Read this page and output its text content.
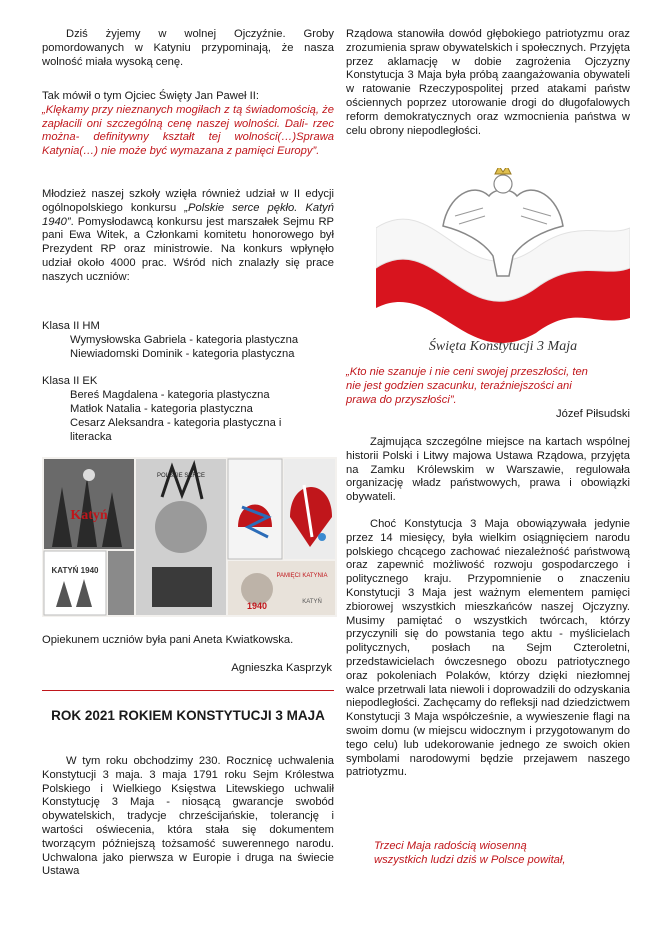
Dziś żyjemy w wolnej Ojczyźnie. Groby pomordowanych w Katyniu przypominają, że nasza wolność miała wysoką cenę.

Tak mówił o tym Ojciec Święty Jan Paweł II:

„Klękamy przy nieznanych mogiłach z tą świadomością, że zapłacili oni szczególną cenę naszej wolności. Dali- rzec można- definitywny kształt tej wolności(…)Sprawa Katynia(…) nie może być wymazana z pamięci Europy”.

Młodzież naszej szkoły wzięła również udział w II edycji ogólnopolskiego konkursu „Polskie serce pękło. Katyń 1940”. Pomysłodawcą konkursu jest marszałek Sejmu RP pani Ewa Witek, a Członkami komitetu honorowego był Prezydent RP oraz ministrowie. Na konkurs wpłynęło udział około 4000 prac. Wśród nich znalazły się prace naszych uczniów:

Klasa II HM

Wymysłowska Gabriela - kategoria plastyczna

Niewiadomski Dominik - kategoria plastyczna

Klasa II EK

Bereś Magdalena - kategoria plastyczna

Matłok Natalia - kategoria plastyczna

Cesarz Aleksandra - kategoria plastyczna i literacka

Katyń
KATYŃ 1940
POLSKIE SERCE
PAMIĘCI KATYNIA
1940	KATYŃ

Opiekunem uczniów była pani Aneta Kwiatkowska.

Agnieszka Kasprzyk

ROK 2021 ROKIEM KONSTYTUCJI 3 MAJA

W tym roku obchodzimy 230. Rocznicę uchwalenia Konstytucji 3 maja. 3 maja 1791 roku Sejm Królestwa Polskiego i Wielkiego Księstwa Litewskiego uchwalił Konstytucję 3 Maja - niosącą gwarancje swobód obywatelskich, tradycje chrześcijańskie, tolerancję i wartości oświecenia, która stała się dokumentem tworzącym późniejszą tożsamość suwerennego narodu. Uchwalona jako pierwsza w Europie i druga na świecie Ustawa

Rządowa stanowiła dowód głębokiego patriotyzmu oraz zrozumienia spraw obywatelskich i społecznych. Przyjęta przez aklamację w dobie zagrożenia Ojczyzny Konstytucja 3 Maja była próbą zaangażowania obywateli w ratowanie Rzeczypospolitej przed atakami państw ościennych poprzez utorowanie drogi do długofalowych reform demokratycznych oraz wzmocnienia państwa w celu obrony niepodległości.

Święta Konstytucji 3 Maja

„Kto nie szanuje i nie ceni swojej przeszłości, ten nie jest godzien szacunku, teraźniejszości ani prawa do przyszłości”.

Józef Piłsudski

Zajmująca szczególne miejsce na kartach wspólnej historii Polski i Litwy majowa Ustawa Rządowa, przyjęta na Zamku Królewskim w Warszawie, regulowała organizację władz państwowych, prawa i obowiązki obywateli.

Choć Konstytucja 3 Maja obowiązywała jedynie przez 14 miesięcy, była wielkim osiągnięciem narodu polskiego chcącego zachować niezależność państwową oraz zapewnić możliwość rozwoju gospodarczego i politycznego kraju. Przypomnienie o znaczeniu Konstytucji 3 Maja jest ważnym elementem pamięci zbiorowej wszystkich mieszkańców naszej Ojczyzny. Musimy pamiętać o wszystkich twórcach, którzy przyczynili się do powstania tego aktu - myślicielach politycznych, posłach na Sejm Czteroletni, przedstawicielach ówczesnego obozu patriotycznego oraz pokoleniach Polaków, którzy dzięki niezłomnej walce przetrwali lata niewoli i doprowadzili do odzyskania niepodległości. Zachęcamy do refleksji nad dziedzictwem Konstytucji 3 Maja współcześnie, a wywieszenie flagi na swoim domu (w miejscu widocznym i przygotowanym do tego celu) lub udekorowanie jednego ze swoich okien symbolami narodowymi będzie przejawem naszego patriotyzmu.

Trzeci Maja radością wiosenną

wszystkich ludzi dziś w Polsce powitał,
